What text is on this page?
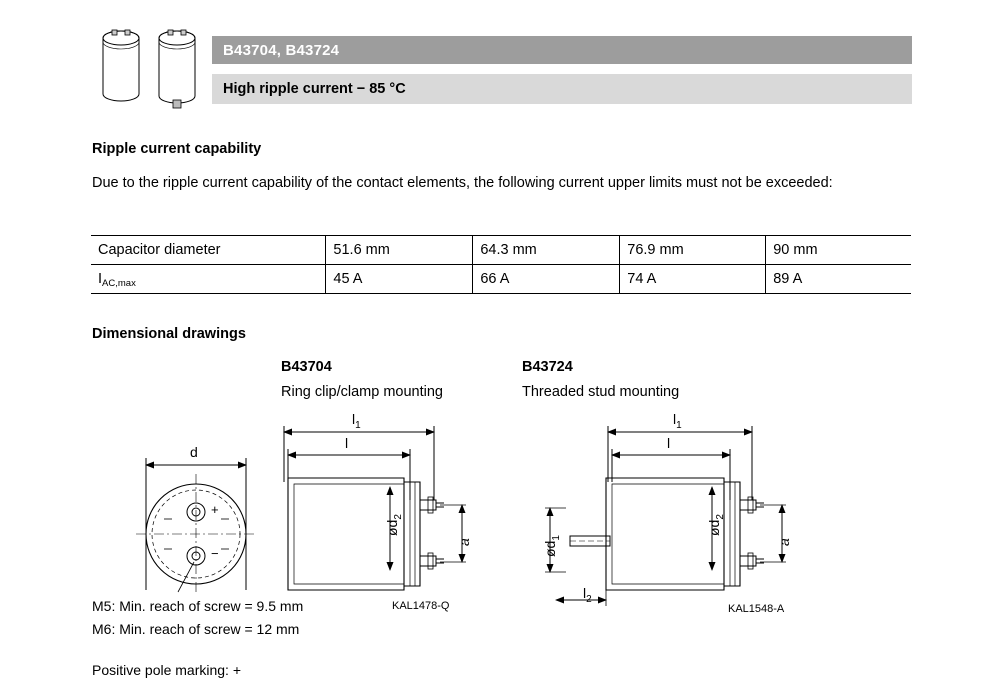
B43704, B43724
High ripple current − 85 °C
Ripple current capability
Due to the ripple current capability of the contact elements, the following current upper limits must not be exceeded:
Capacitor diameter	51.6 mm	64.3 mm	76.9 mm	90 mm
$I_{AC,max}$	45 A	66 A	74 A	89 A
Dimensional drawings
B43704
Ring clip/clamp mounting
B43724
Threaded stud mounting
d
$l_1$
l
$l_1$
l
$l_2$
$ød_2$
$ød_2$
$ød_1$
a	a
+
−
KAL1478-Q	KAL1548-A
M5: Min. reach of screw = 9.5 mm
M6: Min. reach of screw = 12 mm
Positive pole marking: +
